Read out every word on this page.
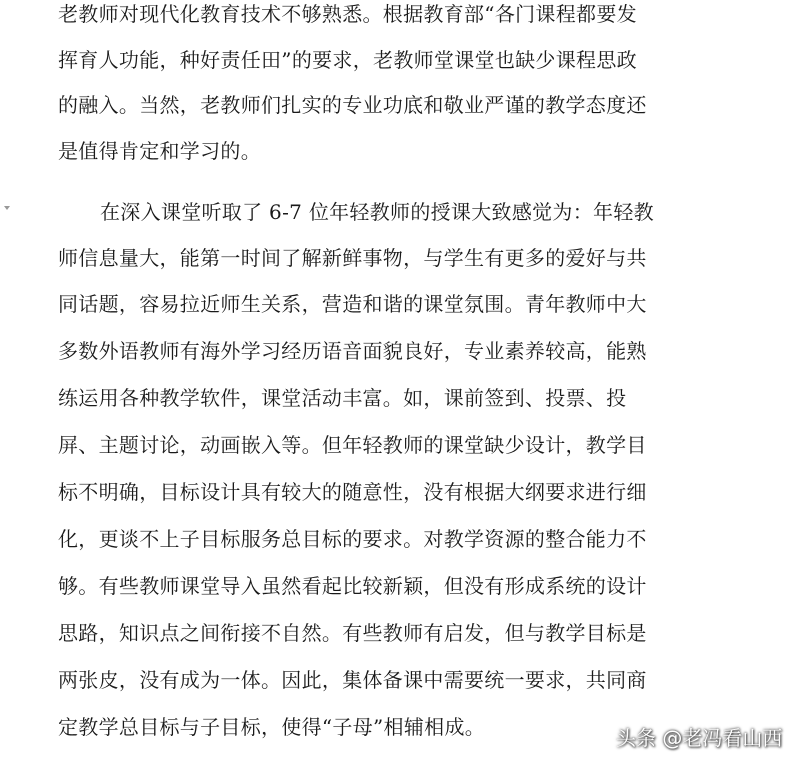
老教师对现代化教育技术不够熟悉。根据教育部“各门课程都要发
挥育人功能，种好责任田”的要求，老教师堂课堂也缺少课程思政
的融入。当然，老教师们扎实的专业功底和敬业严谨的教学态度还
是值得肯定和学习的。
在深入课堂听取了 6-7 位年轻教师的授课大致感觉为：年轻教
师信息量大，能第一时间了解新鲜事物，与学生有更多的爱好与共
同话题，容易拉近师生关系，营造和谐的课堂氛围。青年教师中大
多数外语教师有海外学习经历语音面貌良好，专业素养较高，能熟
练运用各种教学软件，课堂活动丰富。如，课前签到、投票、投
屏、主题讨论，动画嵌入等。但年轻教师的课堂缺少设计，教学目
标不明确，目标设计具有较大的随意性，没有根据大纲要求进行细
化，更谈不上子目标服务总目标的要求。对教学资源的整合能力不
够。有些教师课堂导入虽然看起比较新颖，但没有形成系统的设计
思路，知识点之间衔接不自然。有些教师有启发，但与教学目标是
两张皮，没有成为一体。因此，集体备课中需要统一要求，共同商
定教学总目标与子目标，使得“子母”相辅相成。	头条 @老冯看山西
